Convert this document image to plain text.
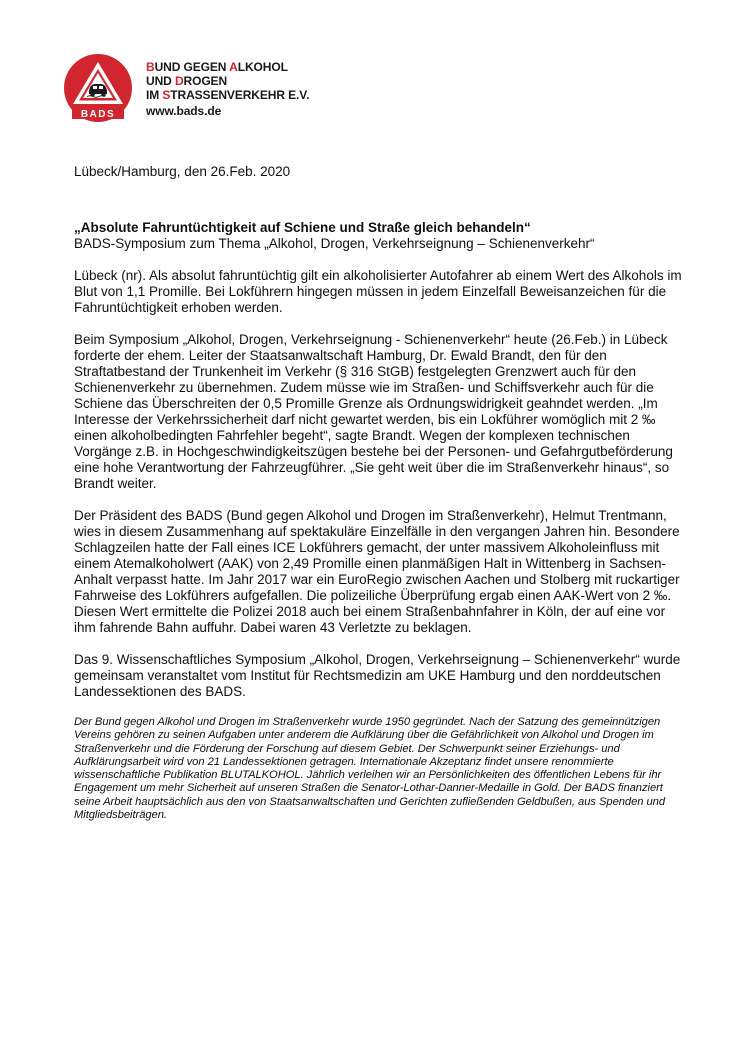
BADS
BUND GEGEN ALKOHOL
UND DROGEN
IM STRASSENVERKEHR E.V.
www.bads.de

Lübeck/Hamburg, den 26.Feb. 2020

„Absolute Fahruntüchtigkeit auf Schiene und Straße gleich behandeln“

BADS-Symposium zum Thema „Alkohol, Drogen, Verkehrseignung – Schienenverkehr“

Lübeck (nr). Als absolut fahruntüchtig gilt ein alkoholisierter Autofahrer ab einem Wert des Alkohols im Blut von 1,1 Promille. Bei Lokführern hingegen müssen in jedem Einzelfall Beweisanzeichen für die Fahruntüchtigkeit erhoben werden.

Beim Symposium „Alkohol, Drogen, Verkehrseignung - Schienenverkehr“ heute (26.Feb.) in Lübeck forderte der ehem. Leiter der Staatsanwaltschaft Hamburg, Dr. Ewald Brandt, den für den Straftatbestand der Trunkenheit im Verkehr (§ 316 StGB) festgelegten Grenzwert auch für den Schienenverkehr zu übernehmen. Zudem müsse wie im Straßen- und Schiffsverkehr auch für die Schiene das Überschreiten der 0,5 Promille Grenze als Ordnungswidrigkeit geahndet werden. „Im Interesse der Verkehrssicherheit darf nicht gewartet werden, bis ein Lokführer womöglich mit 2 ‰ einen alkoholbedingten Fahrfehler begeht“, sagte Brandt. Wegen der komplexen technischen Vorgänge z.B. in Hochgeschwindigkeitszügen bestehe bei der Personen- und Gefahrgutbeförderung eine hohe Verantwortung der Fahrzeugführer. „Sie geht weit über die im Straßenverkehr hinaus“, so Brandt weiter.

Der Präsident des BADS (Bund gegen Alkohol und Drogen im Straßenverkehr), Helmut Trentmann, wies in diesem Zusammenhang auf spektakuläre Einzelfälle in den vergangen Jahren hin. Besondere Schlagzeilen hatte der Fall eines ICE Lokführers gemacht, der unter massivem Alkoholeinfluss mit einem Atemalkoholwert (AAK) von 2,49 Promille einen planmäßigen Halt in Wittenberg in Sachsen-Anhalt verpasst hatte. Im Jahr 2017 war ein EuroRegio zwischen Aachen und Stolberg mit ruckartiger Fahrweise des Lokführers aufgefallen. Die polizeiliche Überprüfung ergab einen AAK-Wert von 2 ‰. Diesen Wert ermittelte die Polizei 2018 auch bei einem Straßenbahnfahrer in Köln, der auf eine vor ihm fahrende Bahn auffuhr. Dabei waren 43 Verletzte zu beklagen.

Das 9. Wissenschaftliches Symposium „Alkohol, Drogen, Verkehrseignung – Schienenverkehr“ wurde gemeinsam veranstaltet vom Institut für Rechtsmedizin am UKE Hamburg und den norddeutschen Landessektionen des BADS.

Der Bund gegen Alkohol und Drogen im Straßenverkehr wurde 1950 gegründet. Nach der Satzung des gemeinnützigen Vereins gehören zu seinen Aufgaben unter anderem die Aufklärung über die Gefährlichkeit von Alkohol und Drogen im Straßenverkehr und die Förderung der Forschung auf diesem Gebiet. Der Schwerpunkt seiner Erziehungs- und Aufklärungsarbeit wird von 21 Landessektionen getragen. Internationale Akzeptanz findet unsere renommierte wissenschaftliche Publikation BLUTALKOHOL. Jährlich verleihen wir an Persönlichkeiten des öffentlichen Lebens für ihr Engagement um mehr Sicherheit auf unseren Straßen die Senator-Lothar-Danner-Medaille in Gold. Der BADS finanziert seine Arbeit hauptsächlich aus den von Staatsanwaltschaften und Gerichten zufließenden Geldbußen, aus Spenden und Mitgliedsbeiträgen.
